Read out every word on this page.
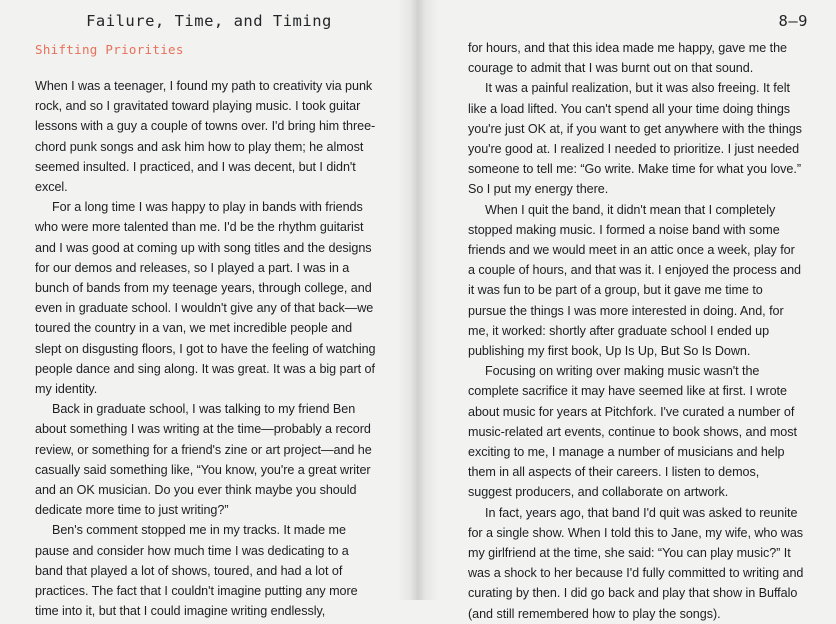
Failure, Time, and Timing
Shifting Priorities

When I was a teenager, I found my path to creativity via punk rock, and so I gravitated toward playing music. I took guitar lessons with a guy a couple of towns over. I'd bring him three-chord punk songs and ask him how to play them; he almost seemed insulted. I practiced, and I was decent, but I didn't excel.

For a long time I was happy to play in bands with friends who were more talented than me. I'd be the rhythm guitarist and I was good at coming up with song titles and the designs for our demos and releases, so I played a part. I was in a bunch of bands from my teenage years, through college, and even in graduate school. I wouldn't give any of that back—we toured the country in a van, we met incredible people and slept on disgusting floors, I got to have the feeling of watching people dance and sing along. It was great. It was a big part of my identity.

Back in graduate school, I was talking to my friend Ben about something I was writing at the time—probably a record review, or something for a friend's zine or art project—and he casually said something like, “You know, you're a great writer and an OK musician. Do you ever think maybe you should dedicate more time to just writing?”

Ben's comment stopped me in my tracks. It made me pause and consider how much time I was dedicating to a band that played a lot of shows, toured, and had a lot of practices. The fact that I couldn't imagine putting any more time into it, but that I could imagine writing endlessly,

8–9

for hours, and that this idea made me happy, gave me the courage to admit that I was burnt out on that sound.

It was a painful realization, but it was also freeing. It felt like a load lifted. You can't spend all your time doing things you're just OK at, if you want to get anywhere with the things you're good at. I realized I needed to prioritize. I just needed someone to tell me: “Go write. Make time for what you love.” So I put my energy there.

When I quit the band, it didn't mean that I completely stopped making music. I formed a noise band with some friends and we would meet in an attic once a week, play for a couple of hours, and that was it. I enjoyed the process and it was fun to be part of a group, but it gave me time to pursue the things I was more interested in doing. And, for me, it worked: shortly after graduate school I ended up publishing my first book, Up Is Up, But So Is Down.

Focusing on writing over making music wasn't the complete sacrifice it may have seemed like at first. I wrote about music for years at Pitchfork. I've curated a number of music-related art events, continue to book shows, and most exciting to me, I manage a number of musicians and help them in all aspects of their careers. I listen to demos, suggest producers, and collaborate on artwork.

In fact, years ago, that band I'd quit was asked to reunite for a single show. When I told this to Jane, my wife, who was my girlfriend at the time, she said: “You can play music?” It was a shock to her because I'd fully committed to writing and curating by then. I did go back and play that show in Buffalo (and still remembered how to play the songs).
